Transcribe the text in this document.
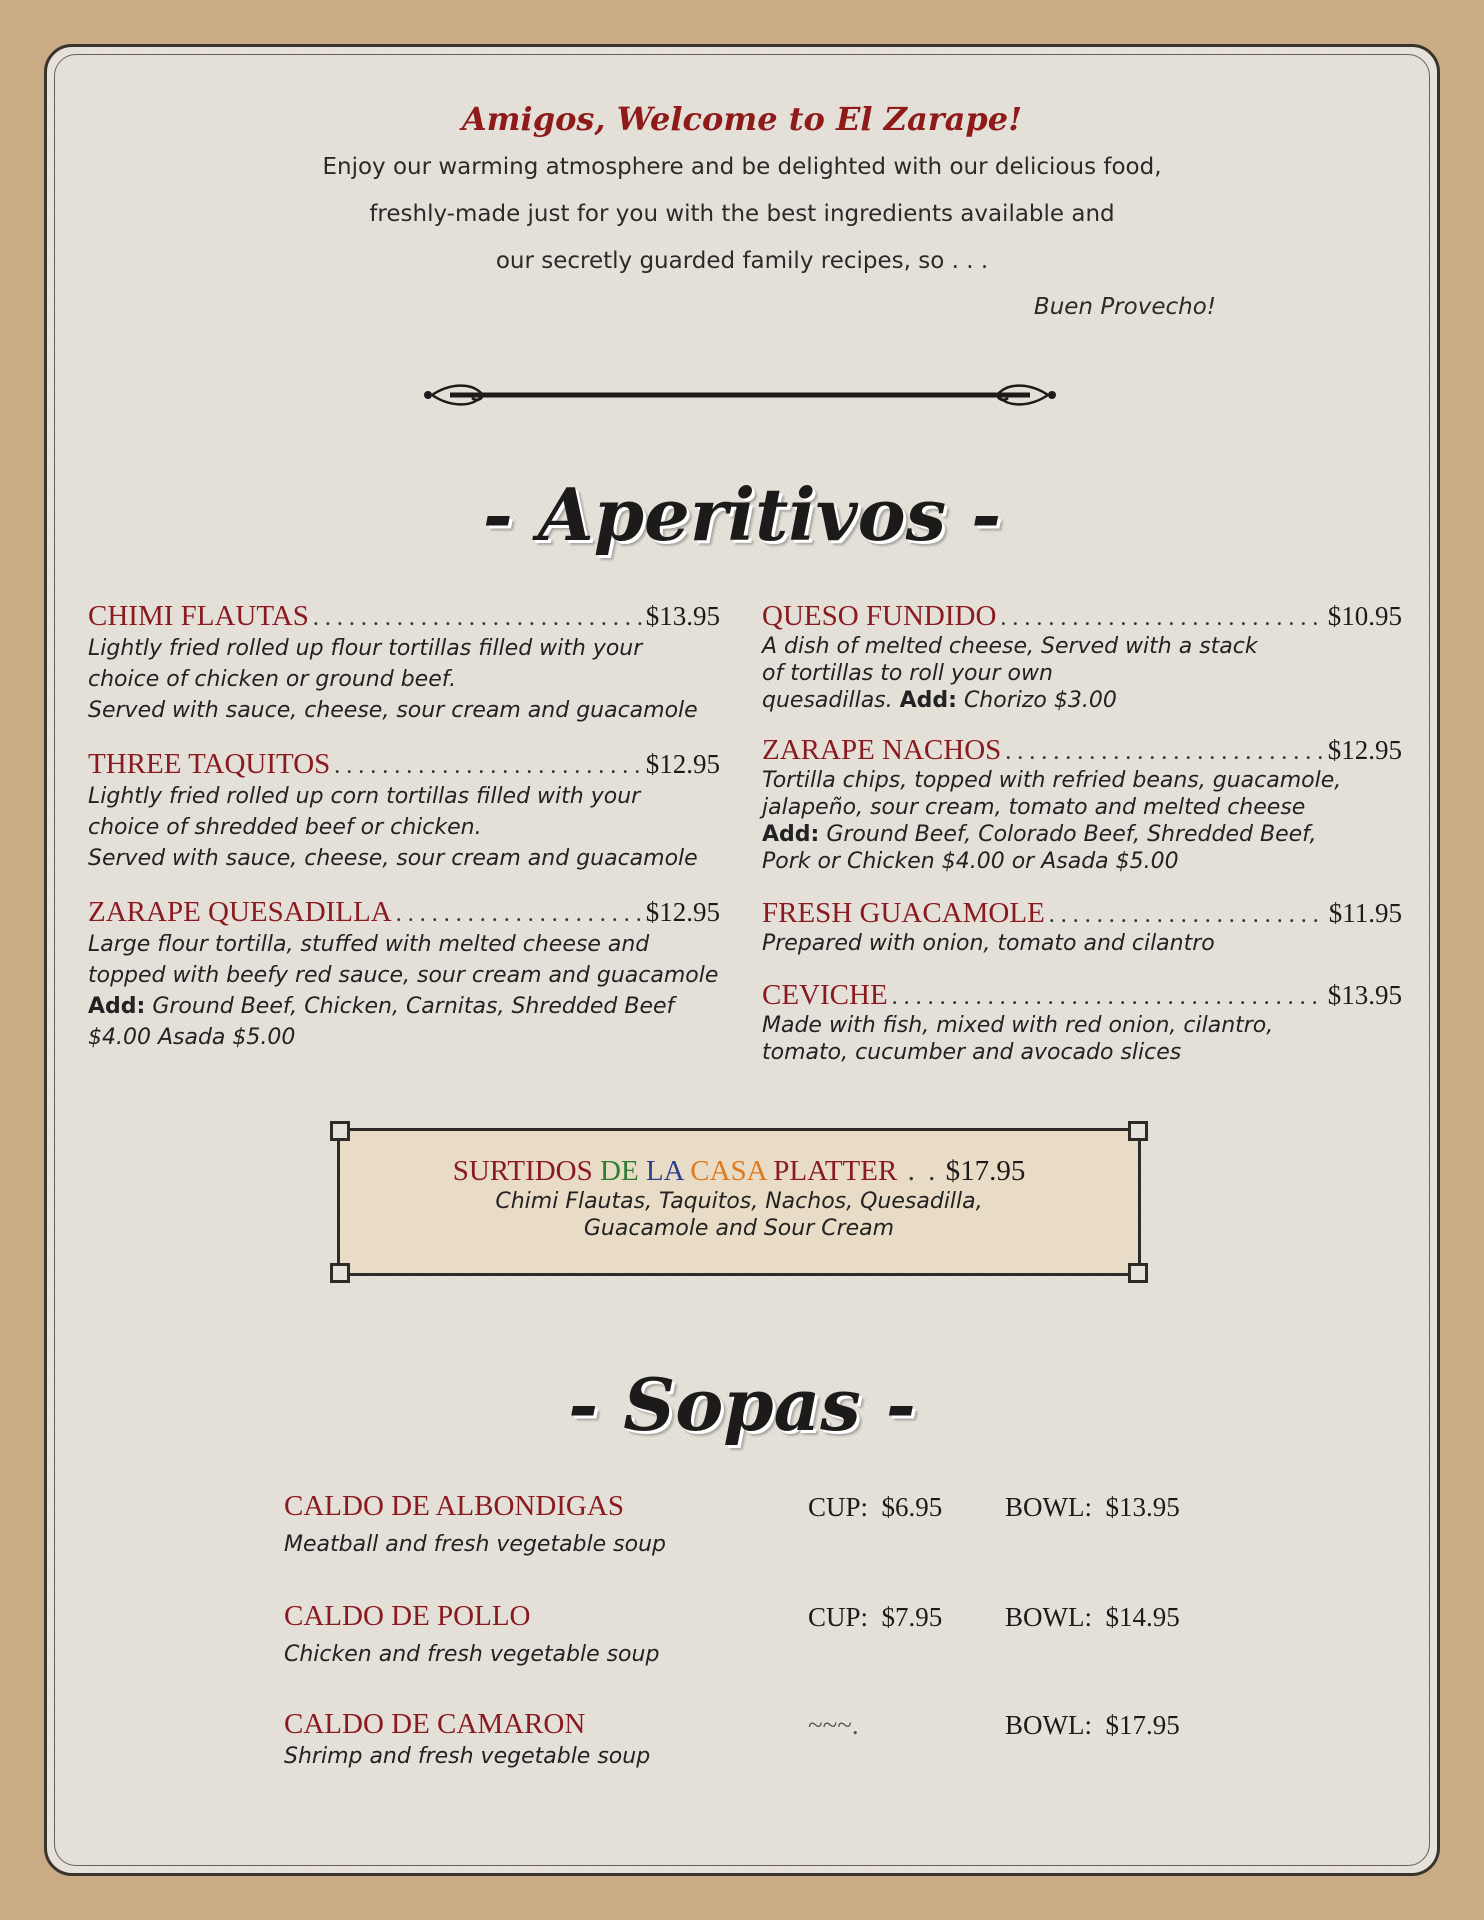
Amigos, Welcome to El Zarape!
Enjoy our warming atmosphere and be delighted with our delicious food,
freshly-made just for you with the best ingredients available and
our secretly guarded family recipes, so . . .
Buen Provecho!
- Aperitivos -
CHIMI FLAUTAS . . .	$13.95
Lightly fried rolled up flour tortillas filled with your
choice of chicken or ground beef.
Served with sauce, cheese, sour cream and guacamole
THREE TAQUITOS . . .	$12.95
Lightly fried rolled up corn tortillas filled with your
choice of shredded beef or chicken.
Served with sauce, cheese, sour cream and guacamole
ZARAPE QUESADILLA . . .	$12.95
Large flour tortilla, stuffed with melted cheese and
topped with beefy red sauce, sour cream and guacamole
Add: Ground Beef, Chicken, Carnitas, Shredded Beef
$4.00 Asada $5.00
QUESO FUNDIDO . . .	$10.95
A dish of melted cheese, Served with a stack
of tortillas to roll your own
quesadillas. Add: Chorizo $3.00
ZARAPE NACHOS . . .	$12.95
Tortilla chips, topped with refried beans, guacamole,
jalapeño, sour cream, tomato and melted cheese
Add: Ground Beef, Colorado Beef, Shredded Beef,
Pork or Chicken $4.00 or Asada $5.00
FRESH GUACAMOLE . . .	$11.95
Prepared with onion, tomato and cilantro
CEVICHE . . .	$13.95
Made with fish, mixed with red onion, cilantro,
tomato, cucumber and avocado slices
SURTIDOS DE LA CASA PLATTER . . $17.95
Chimi Flautas, Taquitos, Nachos, Quesadilla,
Guacamole and Sour Cream
- Sopas -
CALDO DE ALBONDIGAS
Meatball and fresh vegetable soup
CUP: $6.95 BOWL: $13.95
CALDO DE POLLO
Chicken and fresh vegetable soup
CUP: $7.95 BOWL: $14.95
CALDO DE CAMARON
Shrimp and fresh vegetable soup
~~~.	BOWL: $17.95
